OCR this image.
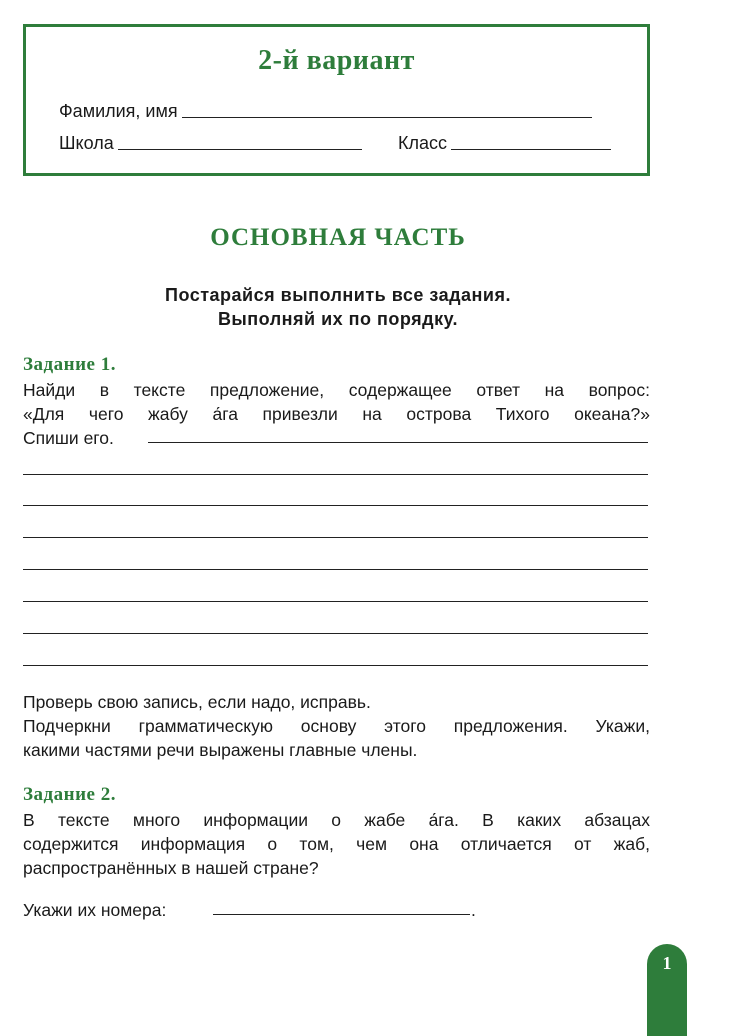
2-й вариант
Фамилия, имя
Школа	Класс
ОСНОВНАЯ ЧАСТЬ
Постарайся выполнить все задания.
Выполняй их по порядку.
Задание 1.
Найди в тексте предложение, содержащее ответ на вопрос:
«Для чего жабу а́га привезли на острова Тихого океана?»
Спиши его.
Проверь свою запись, если надо, исправь.
Подчеркни грамматическую основу этого предложения. Укажи,
какими частями речи выражены главные члены.
Задание 2.
В тексте много информации о жабе а́га. В каких абзацах
содержится информация о том, чем она отличается от жаб,
распространённых в нашей стране?
Укажи их номера:	.
1
